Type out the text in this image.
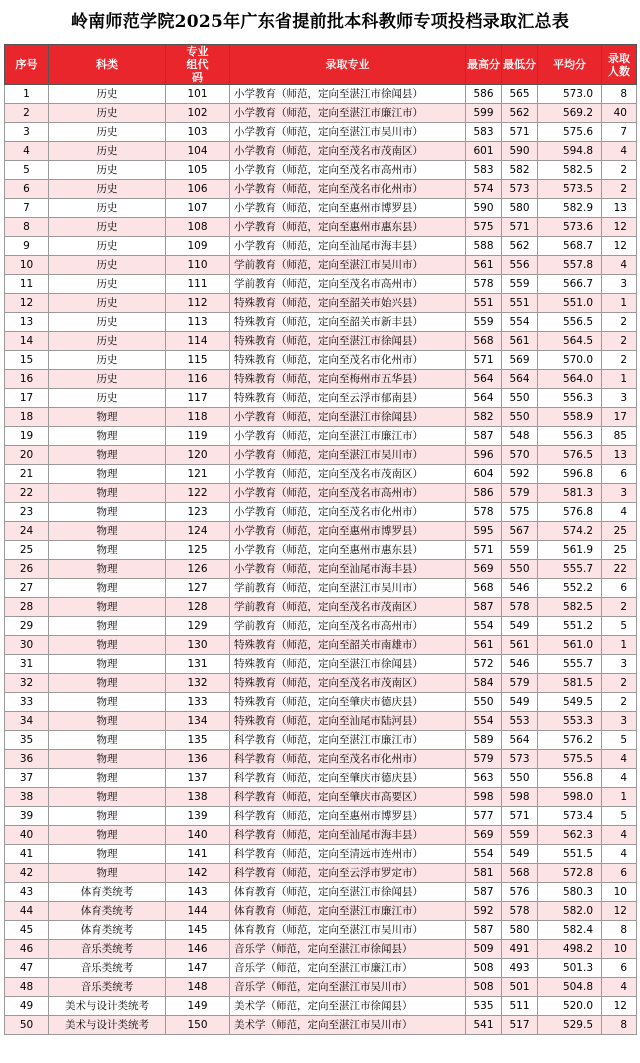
岭南师范学院2025年广东省提前批本科教师专项投档录取汇总表
序号	科类	专业组代码	录取专业	最高分	最低分	平均分	录取人数
1	历史	101	小学教育（师范，定向至湛江市徐闻县）	586	565	573.0	8
2	历史	102	小学教育（师范，定向至湛江市廉江市）	599	562	569.2	40
3	历史	103	小学教育（师范，定向至湛江市吴川市）	583	571	575.6	7
4	历史	104	小学教育（师范，定向至茂名市茂南区）	601	590	594.8	4
5	历史	105	小学教育（师范，定向至茂名市高州市）	583	582	582.5	2
6	历史	106	小学教育（师范，定向至茂名市化州市）	574	573	573.5	2
7	历史	107	小学教育（师范，定向至惠州市博罗县）	590	580	582.9	13
8	历史	108	小学教育（师范，定向至惠州市惠东县）	575	571	573.6	12
9	历史	109	小学教育（师范，定向至汕尾市海丰县）	588	562	568.7	12
10	历史	110	学前教育（师范，定向至湛江市吴川市）	561	556	557.8	4
11	历史	111	学前教育（师范，定向至茂名市高州市）	578	559	566.7	3
12	历史	112	特殊教育（师范，定向至韶关市始兴县）	551	551	551.0	1
13	历史	113	特殊教育（师范，定向至韶关市新丰县）	559	554	556.5	2
14	历史	114	特殊教育（师范，定向至湛江市徐闻县）	568	561	564.5	2
15	历史	115	特殊教育（师范，定向至茂名市化州市）	571	569	570.0	2
16	历史	116	特殊教育（师范，定向至梅州市五华县）	564	564	564.0	1
17	历史	117	特殊教育（师范，定向至云浮市郁南县）	564	550	556.3	3
18	物理	118	小学教育（师范，定向至湛江市徐闻县）	582	550	558.9	17
19	物理	119	小学教育（师范，定向至湛江市廉江市）	587	548	556.3	85
20	物理	120	小学教育（师范，定向至湛江市吴川市）	596	570	576.5	13
21	物理	121	小学教育（师范，定向至茂名市茂南区）	604	592	596.8	6
22	物理	122	小学教育（师范，定向至茂名市高州市）	586	579	581.3	3
23	物理	123	小学教育（师范，定向至茂名市化州市）	578	575	576.8	4
24	物理	124	小学教育（师范，定向至惠州市博罗县）	595	567	574.2	25
25	物理	125	小学教育（师范，定向至惠州市惠东县）	571	559	561.9	25
26	物理	126	小学教育（师范，定向至汕尾市海丰县）	569	550	555.7	22
27	物理	127	学前教育（师范，定向至湛江市吴川市）	568	546	552.2	6
28	物理	128	学前教育（师范，定向至茂名市茂南区）	587	578	582.5	2
29	物理	129	学前教育（师范，定向至茂名市高州市）	554	549	551.2	5
30	物理	130	特殊教育（师范，定向至韶关市南雄市）	561	561	561.0	1
31	物理	131	特殊教育（师范，定向至湛江市徐闻县）	572	546	555.7	3
32	物理	132	特殊教育（师范，定向至茂名市茂南区）	584	579	581.5	2
33	物理	133	特殊教育（师范，定向至肇庆市德庆县）	550	549	549.5	2
34	物理	134	特殊教育（师范，定向至汕尾市陆河县）	554	553	553.3	3
35	物理	135	科学教育（师范，定向至湛江市廉江市）	589	564	576.2	5
36	物理	136	科学教育（师范，定向至茂名市化州市）	579	573	575.5	4
37	物理	137	科学教育（师范，定向至肇庆市德庆县）	563	550	556.8	4
38	物理	138	科学教育（师范，定向至肇庆市高要区）	598	598	598.0	1
39	物理	139	科学教育（师范，定向至惠州市博罗县）	577	571	573.4	5
40	物理	140	科学教育（师范，定向至汕尾市海丰县）	569	559	562.3	4
41	物理	141	科学教育（师范，定向至清远市连州市）	554	549	551.5	4
42	物理	142	科学教育（师范，定向至云浮市罗定市）	581	568	572.8	6
43	体育类统考	143	体育教育（师范，定向至湛江市徐闻县）	587	576	580.3	10
44	体育类统考	144	体育教育（师范，定向至湛江市廉江市）	592	578	582.0	12
45	体育类统考	145	体育教育（师范，定向至湛江市吴川市）	587	580	582.4	8
46	音乐类统考	146	音乐学（师范，定向至湛江市徐闻县）	509	491	498.2	10
47	音乐类统考	147	音乐学（师范，定向至湛江市廉江市）	508	493	501.3	6
48	音乐类统考	148	音乐学（师范，定向至湛江市吴川市）	508	501	504.8	4
49	美术与设计类统考	149	美术学（师范，定向至湛江市徐闻县）	535	511	520.0	12
50	美术与设计类统考	150	美术学（师范，定向至湛江市吴川市）	541	517	529.5	8
